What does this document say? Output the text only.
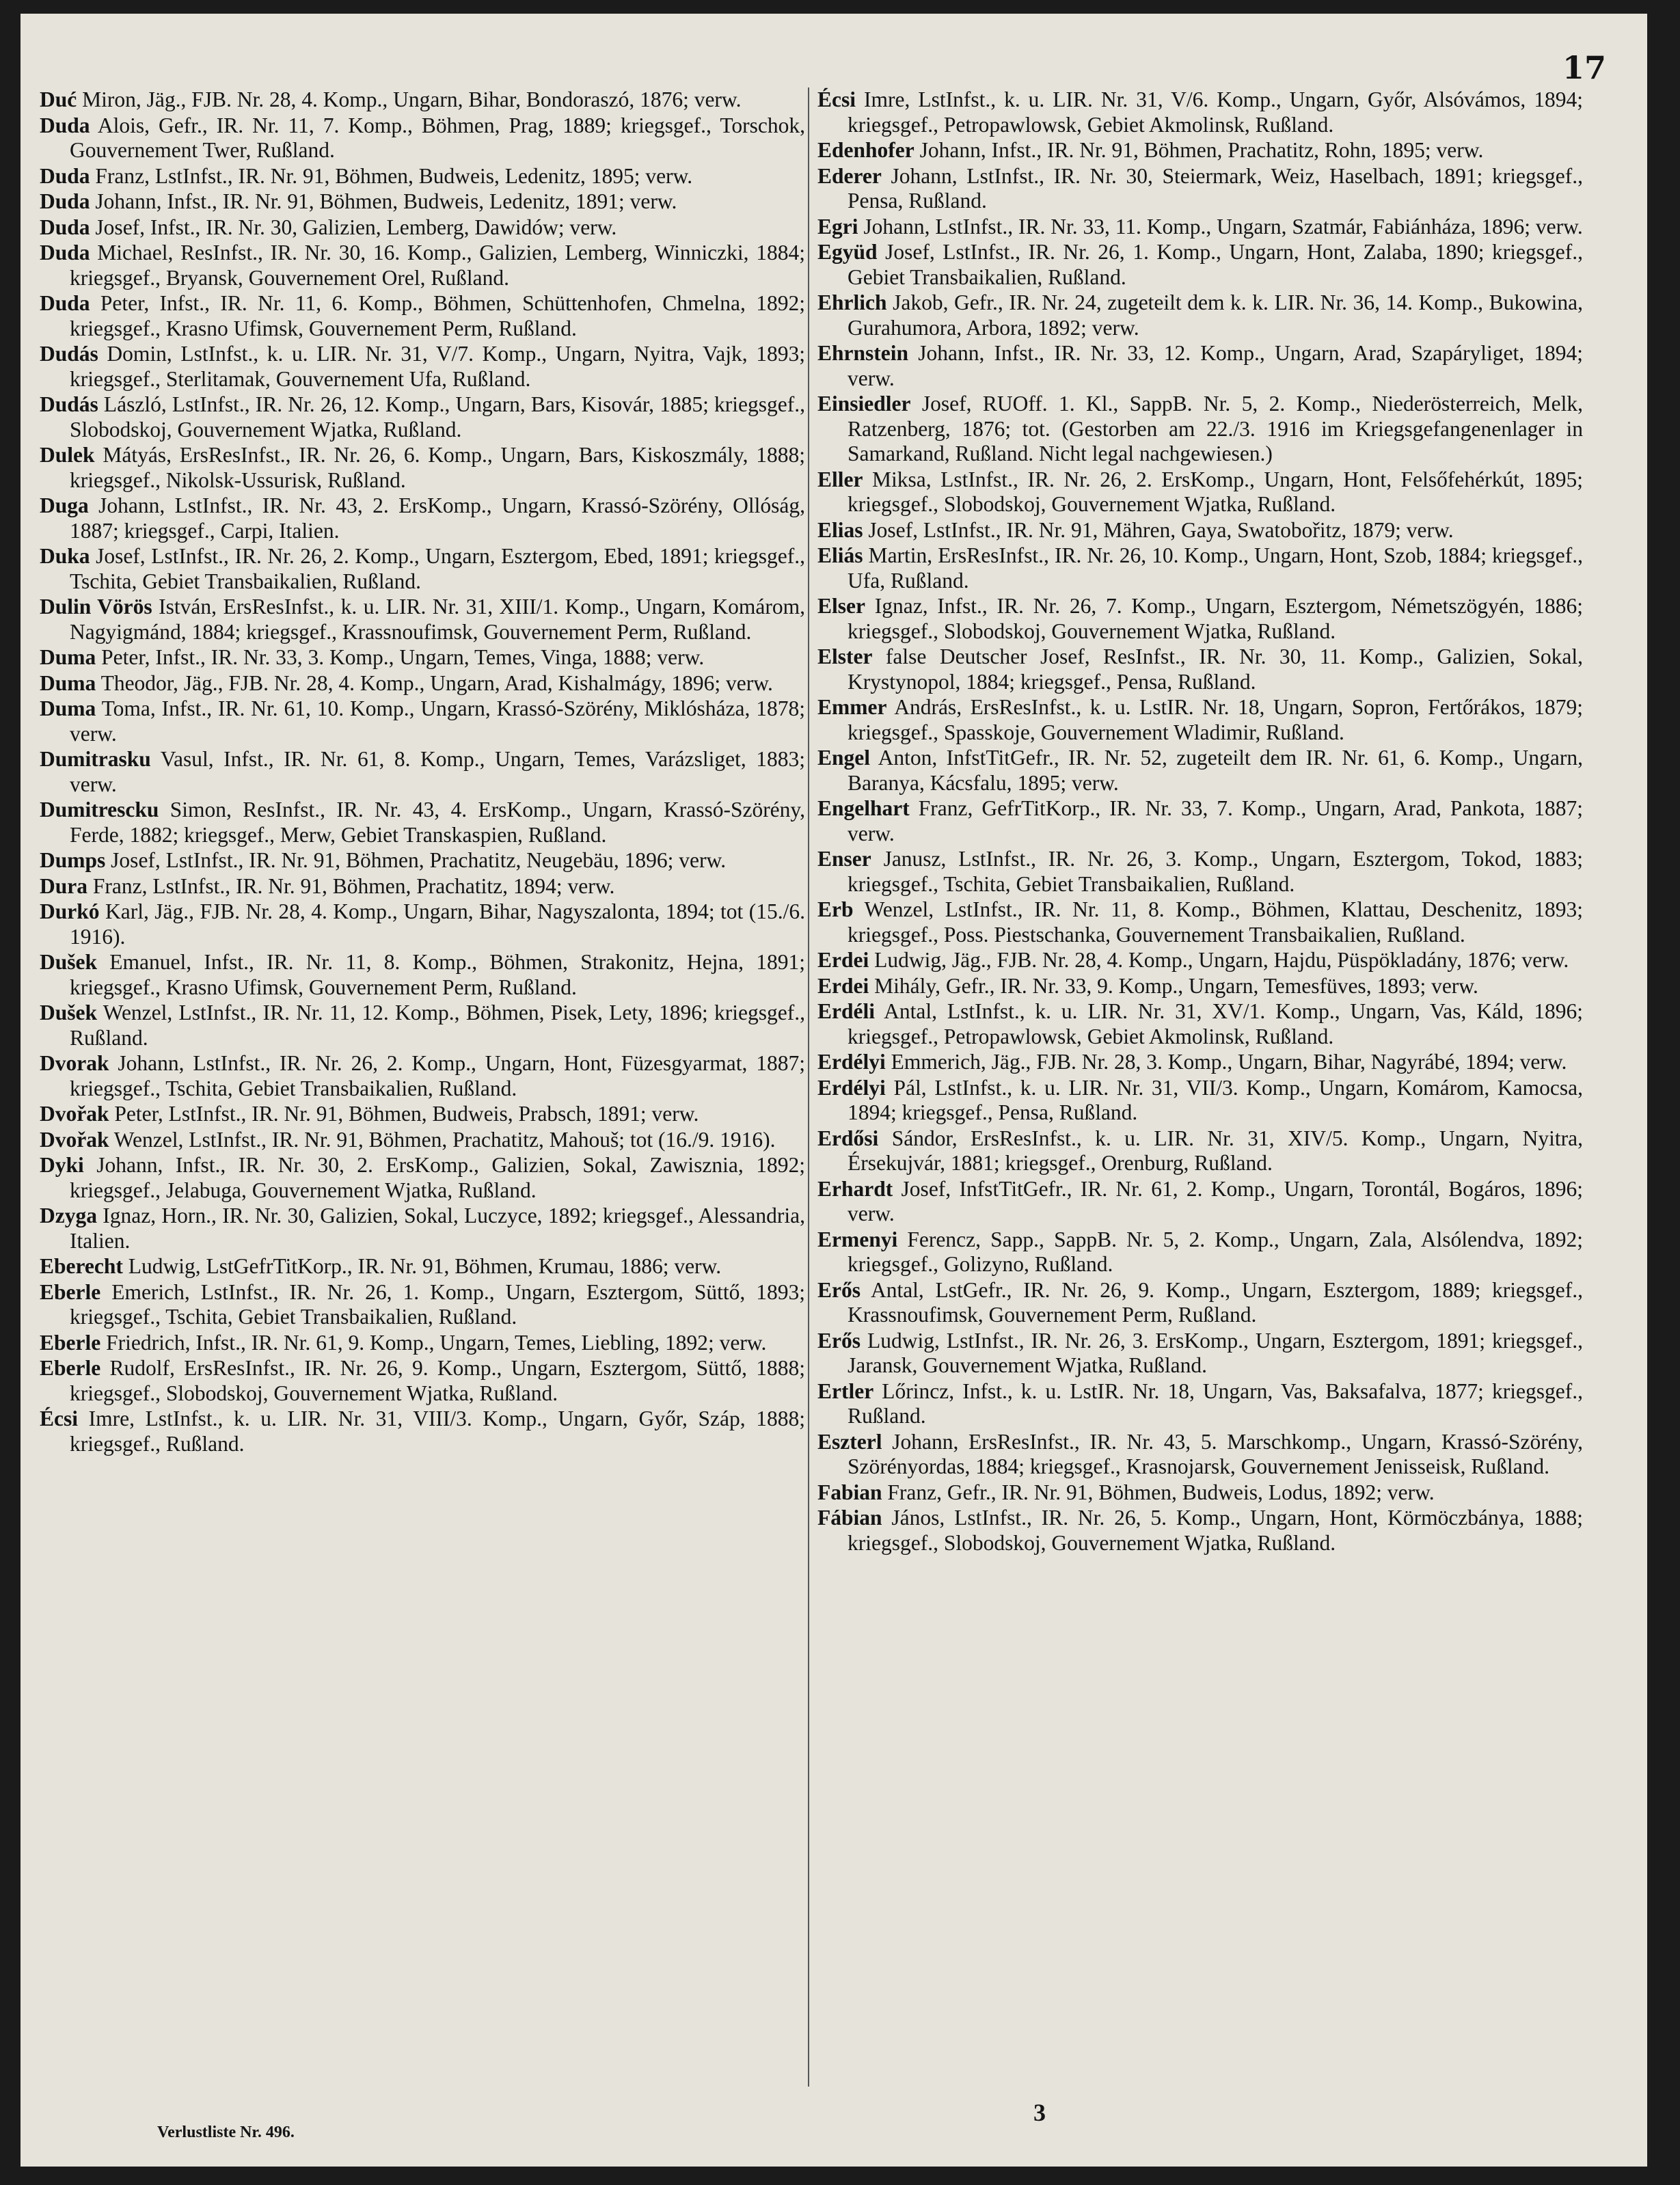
17

Duć Miron, Jäg., FJB. Nr. 28, 4. Komp., Ungarn, Bihar, Bondoraszó, 1876; verw.

Duda Alois, Gefr., IR. Nr. 11, 7. Komp., Böhmen, Prag, 1889; kriegsgef., Torschok, Gouvernement Twer, Rußland.

Duda Franz, LstInfst., IR. Nr. 91, Böhmen, Budweis, Ledenitz, 1895; verw.

Duda Johann, Infst., IR. Nr. 91, Böhmen, Budweis, Ledenitz, 1891; verw.

Duda Josef, Infst., IR. Nr. 30, Galizien, Lemberg, Dawidów; verw.

Duda Michael, ResInfst., IR. Nr. 30, 16. Komp., Galizien, Lemberg, Winniczki, 1884; kriegsgef., Bryansk, Gouvernement Orel, Rußland.

Duda Peter, Infst., IR. Nr. 11, 6. Komp., Böhmen, Schüttenhofen, Chmelna, 1892; kriegsgef., Krasno Ufimsk, Gouvernement Perm, Rußland.

Dudás Domin, LstInfst., k. u. LIR. Nr. 31, V/7. Komp., Ungarn, Nyitra, Vajk, 1893; kriegsgef., Sterlitamak, Gouvernement Ufa, Rußland.

Dudás László, LstInfst., IR. Nr. 26, 12. Komp., Ungarn, Bars, Kisovár, 1885; kriegsgef., Slobodskoj, Gouvernement Wjatka, Rußland.

Dulek Mátyás, ErsResInfst., IR. Nr. 26, 6. Komp., Ungarn, Bars, Kiskoszmály, 1888; kriegsgef., Nikolsk-Ussurisk, Rußland.

Duga Johann, LstInfst., IR. Nr. 43, 2. ErsKomp., Ungarn, Krassó-Szörény, Ollóság, 1887; kriegsgef., Carpi, Italien.

Duka Josef, LstInfst., IR. Nr. 26, 2. Komp., Ungarn, Esztergom, Ebed, 1891; kriegsgef., Tschita, Gebiet Transbaikalien, Rußland.

Dulin Vörös István, ErsResInfst., k. u. LIR. Nr. 31, XIII/1. Komp., Ungarn, Komárom, Nagyigmánd, 1884; kriegsgef., Krassnoufimsk, Gouvernement Perm, Rußland.

Duma Peter, Infst., IR. Nr. 33, 3. Komp., Ungarn, Temes, Vinga, 1888; verw.

Duma Theodor, Jäg., FJB. Nr. 28, 4. Komp., Ungarn, Arad, Kishalmágy, 1896; verw.

Duma Toma, Infst., IR. Nr. 61, 10. Komp., Ungarn, Krassó-Szörény, Miklósháza, 1878; verw.

Dumitrasku Vasul, Infst., IR. Nr. 61, 8. Komp., Ungarn, Temes, Varázsliget, 1883; verw.

Dumitrescku Simon, ResInfst., IR. Nr. 43, 4. ErsKomp., Ungarn, Krassó-Szörény, Ferde, 1882; kriegsgef., Merw, Gebiet Transkaspien, Rußland.

Dumps Josef, LstInfst., IR. Nr. 91, Böhmen, Prachatitz, Neugebäu, 1896; verw.

Dura Franz, LstInfst., IR. Nr. 91, Böhmen, Prachatitz, 1894; verw.

Durkó Karl, Jäg., FJB. Nr. 28, 4. Komp., Ungarn, Bihar, Nagyszalonta, 1894; tot (15./6. 1916).

Dušek Emanuel, Infst., IR. Nr. 11, 8. Komp., Böhmen, Strakonitz, Hejna, 1891; kriegsgef., Krasno Ufimsk, Gouvernement Perm, Rußland.

Dušek Wenzel, LstInfst., IR. Nr. 11, 12. Komp., Böhmen, Pisek, Lety, 1896; kriegsgef., Rußland.

Dvorak Johann, LstInfst., IR. Nr. 26, 2. Komp., Ungarn, Hont, Füzesgyarmat, 1887; kriegsgef., Tschita, Gebiet Transbaikalien, Rußland.

Dvořak Peter, LstInfst., IR. Nr. 91, Böhmen, Budweis, Prabsch, 1891; verw.

Dvořak Wenzel, LstInfst., IR. Nr. 91, Böhmen, Prachatitz, Mahouš; tot (16./9. 1916).

Dyki Johann, Infst., IR. Nr. 30, 2. ErsKomp., Galizien, Sokal, Zawisznia, 1892; kriegsgef., Jelabuga, Gouvernement Wjatka, Rußland.

Dzyga Ignaz, Horn., IR. Nr. 30, Galizien, Sokal, Luczyce, 1892; kriegsgef., Alessandria, Italien.

Eberecht Ludwig, LstGefrTitKorp., IR. Nr. 91, Böhmen, Krumau, 1886; verw.

Eberle Emerich, LstInfst., IR. Nr. 26, 1. Komp., Ungarn, Esztergom, Süttő, 1893; kriegsgef., Tschita, Gebiet Transbaikalien, Rußland.

Eberle Friedrich, Infst., IR. Nr. 61, 9. Komp., Ungarn, Temes, Liebling, 1892; verw.

Eberle Rudolf, ErsResInfst., IR. Nr. 26, 9. Komp., Ungarn, Esztergom, Süttő, 1888; kriegsgef., Slobodskoj, Gouvernement Wjatka, Rußland.

Écsi Imre, LstInfst., k. u. LIR. Nr. 31, VIII/3. Komp., Ungarn, Győr, Száp, 1888; kriegsgef., Rußland.

Écsi Imre, LstInfst., k. u. LIR. Nr. 31, V/6. Komp., Ungarn, Győr, Alsóvámos, 1894; kriegsgef., Petropawlowsk, Gebiet Akmolinsk, Rußland.

Edenhofer Johann, Infst., IR. Nr. 91, Böhmen, Prachatitz, Rohn, 1895; verw.

Ederer Johann, LstInfst., IR. Nr. 30, Steiermark, Weiz, Haselbach, 1891; kriegsgef., Pensa, Rußland.

Egri Johann, LstInfst., IR. Nr. 33, 11. Komp., Ungarn, Szatmár, Fabiánháza, 1896; verw.

Együd Josef, LstInfst., IR. Nr. 26, 1. Komp., Ungarn, Hont, Zalaba, 1890; kriegsgef., Gebiet Transbaikalien, Rußland.

Ehrlich Jakob, Gefr., IR. Nr. 24, zugeteilt dem k. k. LIR. Nr. 36, 14. Komp., Bukowina, Gurahumora, Arbora, 1892; verw.

Ehrnstein Johann, Infst., IR. Nr. 33, 12. Komp., Ungarn, Arad, Szapáryliget, 1894; verw.

Einsiedler Josef, RUOff. 1. Kl., SappB. Nr. 5, 2. Komp., Niederösterreich, Melk, Ratzenberg, 1876; tot. (Gestorben am 22./3. 1916 im Kriegsgefangenenlager in Samarkand, Rußland. Nicht legal nachgewiesen.)

Eller Miksa, LstInfst., IR. Nr. 26, 2. ErsKomp., Ungarn, Hont, Felsőfehérkút, 1895; kriegsgef., Slobodskoj, Gouvernement Wjatka, Rußland.

Elias Josef, LstInfst., IR. Nr. 91, Mähren, Gaya, Swatobořitz, 1879; verw.

Eliás Martin, ErsResInfst., IR. Nr. 26, 10. Komp., Ungarn, Hont, Szob, 1884; kriegsgef., Ufa, Rußland.

Elser Ignaz, Infst., IR. Nr. 26, 7. Komp., Ungarn, Esztergom, Németszögyén, 1886; kriegsgef., Slobodskoj, Gouvernement Wjatka, Rußland.

Elster false Deutscher Josef, ResInfst., IR. Nr. 30, 11. Komp., Galizien, Sokal, Krystynopol, 1884; kriegsgef., Pensa, Rußland.

Emmer András, ErsResInfst., k. u. LstIR. Nr. 18, Ungarn, Sopron, Fertőrákos, 1879; kriegsgef., Spasskoje, Gouvernement Wladimir, Rußland.

Engel Anton, InfstTitGefr., IR. Nr. 52, zugeteilt dem IR. Nr. 61, 6. Komp., Ungarn, Baranya, Kácsfalu, 1895; verw.

Engelhart Franz, GefrTitKorp., IR. Nr. 33, 7. Komp., Ungarn, Arad, Pankota, 1887; verw.

Enser Janusz, LstInfst., IR. Nr. 26, 3. Komp., Ungarn, Esztergom, Tokod, 1883; kriegsgef., Tschita, Gebiet Transbaikalien, Rußland.

Erb Wenzel, LstInfst., IR. Nr. 11, 8. Komp., Böhmen, Klattau, Deschenitz, 1893; kriegsgef., Poss. Piestschanka, Gouvernement Transbaikalien, Rußland.

Erdei Ludwig, Jäg., FJB. Nr. 28, 4. Komp., Ungarn, Hajdu, Püspökladány, 1876; verw.

Erdei Mihály, Gefr., IR. Nr. 33, 9. Komp., Ungarn, Temesfüves, 1893; verw.

Erdéli Antal, LstInfst., k. u. LIR. Nr. 31, XV/1. Komp., Ungarn, Vas, Káld, 1896; kriegsgef., Petropawlowsk, Gebiet Akmolinsk, Rußland.

Erdélyi Emmerich, Jäg., FJB. Nr. 28, 3. Komp., Ungarn, Bihar, Nagyrábé, 1894; verw.

Erdélyi Pál, LstInfst., k. u. LIR. Nr. 31, VII/3. Komp., Ungarn, Komárom, Kamocsa, 1894; kriegsgef., Pensa, Rußland.

Erdősi Sándor, ErsResInfst., k. u. LIR. Nr. 31, XIV/5. Komp., Ungarn, Nyitra, Érsekujvár, 1881; kriegsgef., Orenburg, Rußland.

Erhardt Josef, InfstTitGefr., IR. Nr. 61, 2. Komp., Ungarn, Torontál, Bogáros, 1896; verw.

Ermenyi Ferencz, Sapp., SappB. Nr. 5, 2. Komp., Ungarn, Zala, Alsólendva, 1892; kriegsgef., Golizyno, Rußland.

Erős Antal, LstGefr., IR. Nr. 26, 9. Komp., Ungarn, Esztergom, 1889; kriegsgef., Krassnoufimsk, Gouvernement Perm, Rußland.

Erős Ludwig, LstInfst., IR. Nr. 26, 3. ErsKomp., Ungarn, Esztergom, 1891; kriegsgef., Jaransk, Gouvernement Wjatka, Rußland.

Ertler Lőrincz, Infst., k. u. LstIR. Nr. 18, Ungarn, Vas, Baksafalva, 1877; kriegsgef., Rußland.

Eszterl Johann, ErsResInfst., IR. Nr. 43, 5. Marschkomp., Ungarn, Krassó-Szörény, Szörényordas, 1884; kriegsgef., Krasnojarsk, Gouvernement Jenisseisk, Rußland.

Fabian Franz, Gefr., IR. Nr. 91, Böhmen, Budweis, Lodus, 1892; verw.

Fábian János, LstInfst., IR. Nr. 26, 5. Komp., Ungarn, Hont, Körmöczbánya, 1888; kriegsgef., Slobodskoj, Gouvernement Wjatka, Rußland.

3
Verlustliste Nr. 496.
